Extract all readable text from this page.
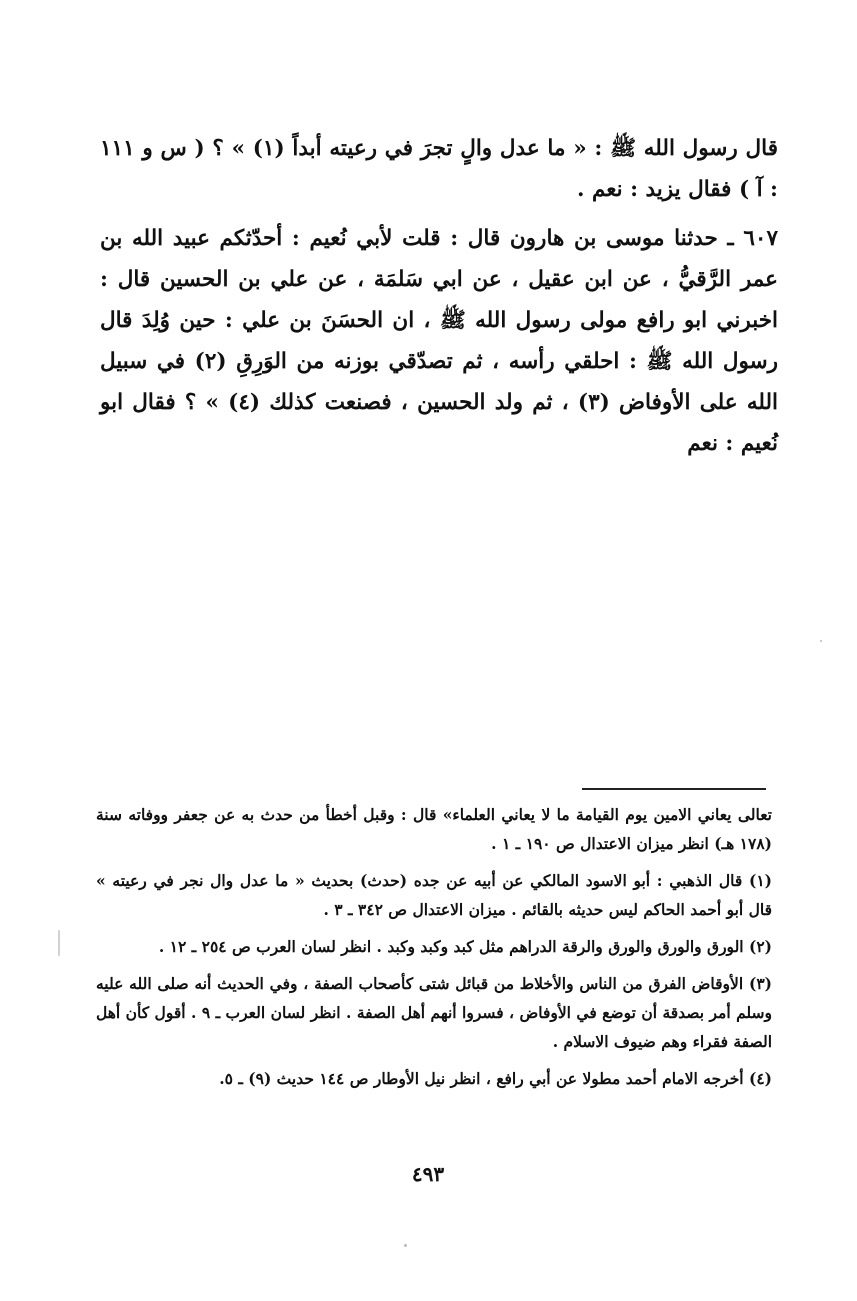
قال رسول الله ﷺ : « ما عدل والٍ تجرَ في رعيته أبداً (١) » ؟ ( س و ١١١ : آ ) فقال يزيد : نعم .

٦٠٧ ـ حدثنا موسى بن هارون قال : قلت لأبي نُعيم : أحدّثكم عبيد الله بن عمر الرَّقيُّ ، عن ابن عقيل ، عن ابي سَلمَة ، عن علي بن الحسين قال : اخبرني ابو رافع مولى رسول الله ﷺ ، ان الحسَنَ بن علي : حين وُلِدَ قال رسول الله ﷺ : احلقي رأسه ، ثم تصدّقي بوزنه من الوَرِقِ (٢) في سبيل الله على الأوفاض (٣) ، ثم ولد الحسين ، فصنعت كذلك (٤) » ؟ فقال ابو نُعيم : نعم

تعالى يعاني الامين يوم القيامة ما لا يعاني العلماء» قال : وقبل أخطأ من حدث به عن جعفر ووفاته سنة (١٧٨ هـ) انظر ميزان الاعتدال ص ١٩٠ ـ ١ .

(١) قال الذهبي : أبو الاسود المالكي عن أبيه عن جده (حدث) بحديث « ما عدل وال نجر في رعيته » قال أبو أحمد الحاكم ليس حديثه بالقائم . ميزان الاعتدال ص ٣٤٢ ـ ٣ .

(٢) الورق والورق والورق والرقة الدراهم مثل كبد وكبد وكبد . انظر لسان العرب ص ٢٥٤ ـ ١٢ .

(٣) الأوقاض الفرق من الناس والأخلاط من قبائل شتى كأصحاب الصفة ، وفي الحديث أنه صلى الله عليه وسلم أمر بصدقة أن توضع في الأوفاض ، فسروا أنهم أهل الصفة . انظر لسان العرب ـ ٩ . أقول كأن أهل الصفة فقراء وهم ضيوف الاسلام .

(٤) أخرجه الامام أحمد مطولا عن أبي رافع ، انظر نيل الأوطار ص ١٤٤ حديث (٩) ـ ٥.

٤٩٣
